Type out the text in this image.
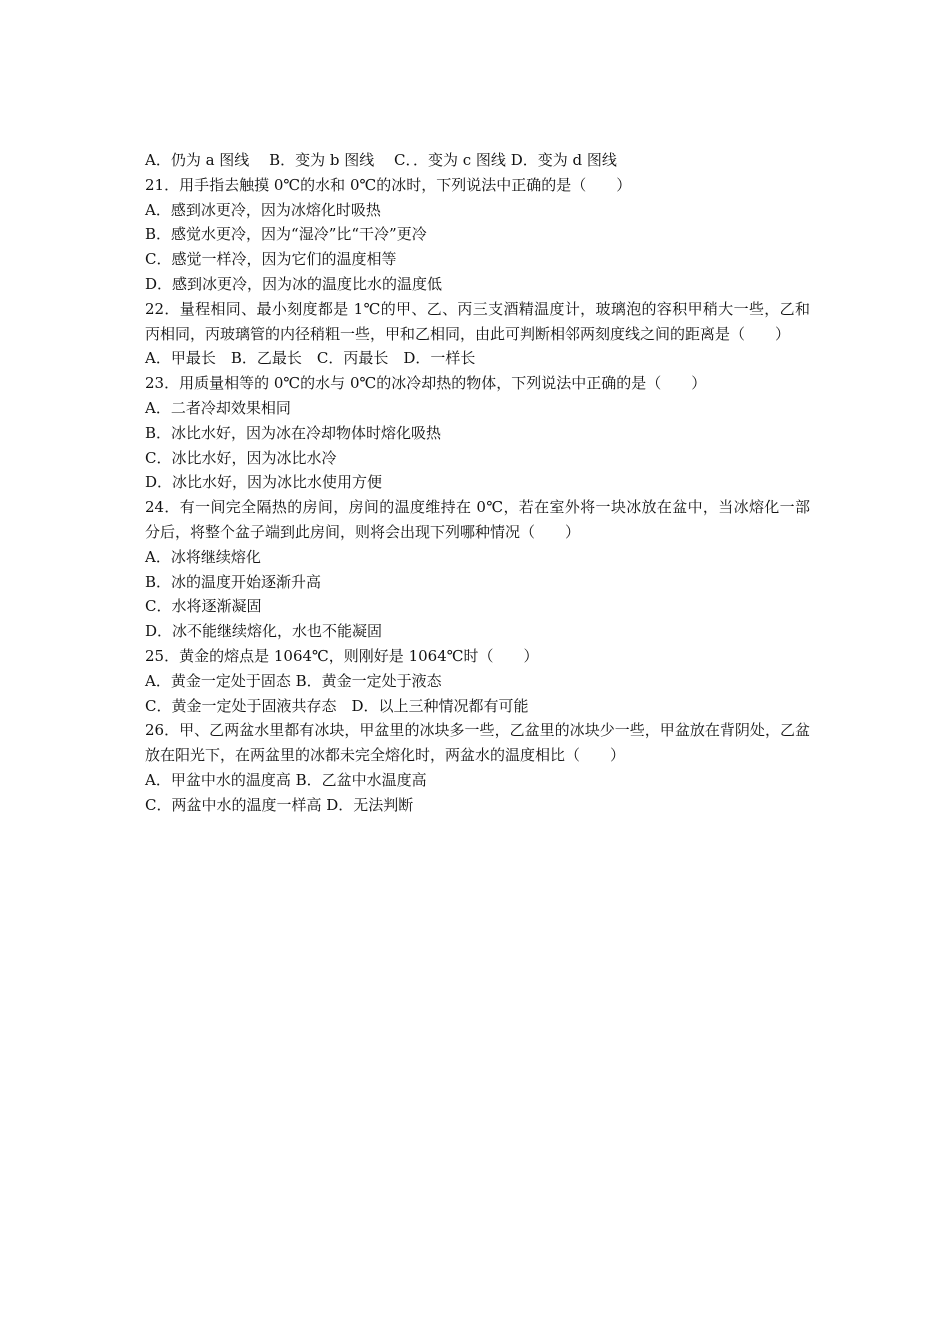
A．仍为 a 图线　 B．变为 b 图线　 C．．变为 c 图线 D．变为 d 图线
21．用手指去触摸 0℃的水和 0℃的冰时，下列说法中正确的是（　　）
A．感到冰更冷，因为冰熔化时吸热
B．感觉水更冷，因为“湿冷”比“干冷”更冷
C．感觉一样冷，因为它们的温度相等
D．感到冰更冷，因为冰的温度比水的温度低
22．量程相同、最小刻度都是 1℃的甲、乙、丙三支酒精温度计，玻璃泡的容积甲稍大一些，乙和丙相同，丙玻璃管的内径稍粗一些，甲和乙相同，由此可判断相邻两刻度线之间的距离是（　　）
A．甲最长　B．乙最长　C．丙最长　D．一样长
23．用质量相等的 0℃的水与 0℃的冰冷却热的物体，下列说法中正确的是（　　）
A．二者冷却效果相同
B．冰比水好，因为冰在冷却物体时熔化吸热
C．冰比水好，因为冰比水冷
D．冰比水好，因为冰比水使用方便
24．有一间完全隔热的房间，房间的温度维持在 0℃，若在室外将一块冰放在盆中，当冰熔化一部分后，将整个盆子端到此房间，则将会出现下列哪种情况（　　）
A．冰将继续熔化
B．冰的温度开始逐渐升高
C．水将逐渐凝固
D．冰不能继续熔化，水也不能凝固
25．黄金的熔点是 1064℃，则刚好是 1064℃时（　　）
A．黄金一定处于固态 B．黄金一定处于液态
C．黄金一定处于固液共存态　D．以上三种情况都有可能
26．甲、乙两盆水里都有冰块，甲盆里的冰块多一些，乙盆里的冰块少一些，甲盆放在背阴处，乙盆放在阳光下，在两盆里的冰都未完全熔化时，两盆水的温度相比（　　）
A．甲盆中水的温度高 B．乙盆中水温度高
C．两盆中水的温度一样高 D．无法判断
